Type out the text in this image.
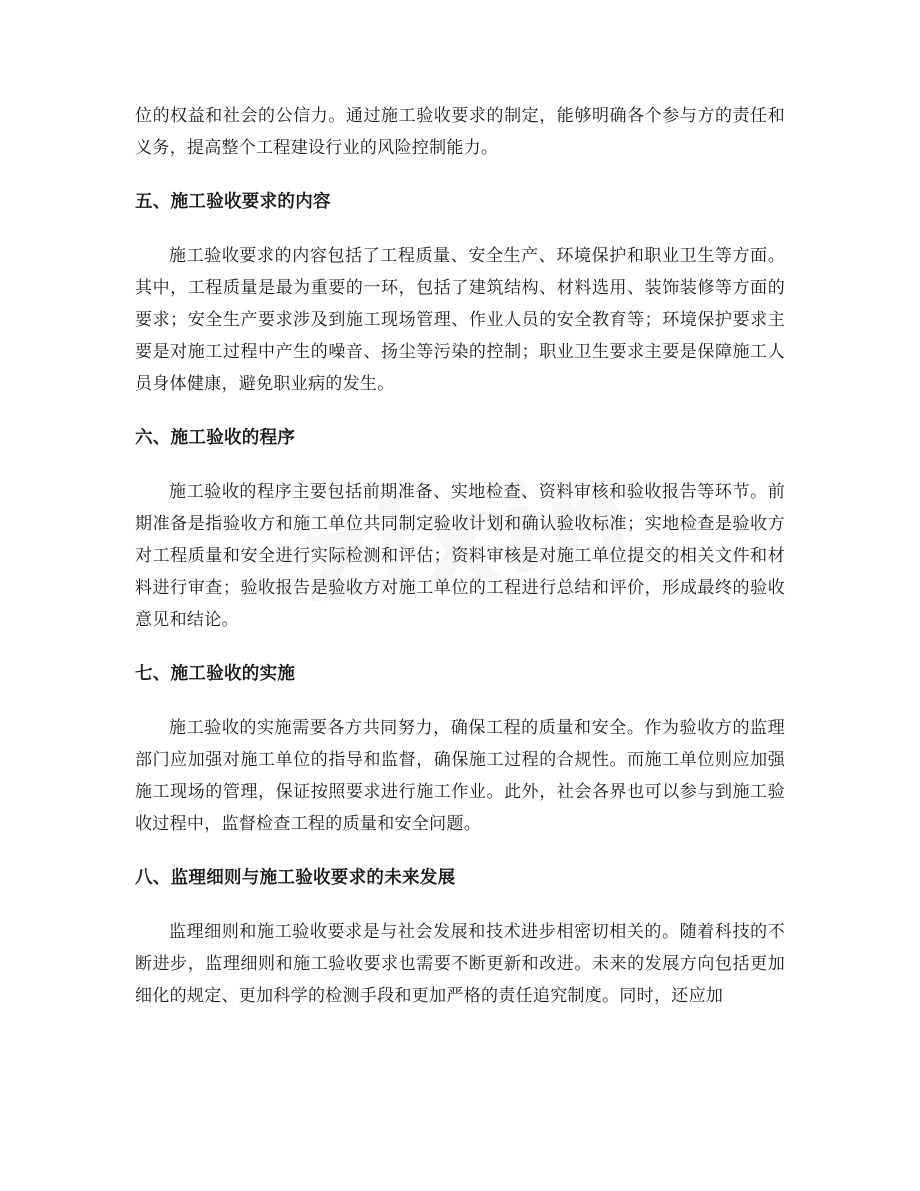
位的权益和社会的公信力。通过施工验收要求的制定，能够明确各个参与方的责任和义务，提高整个工程建设行业的风险控制能力。

五、施工验收要求的内容

施工验收要求的内容包括了工程质量、安全生产、环境保护和职业卫生等方面。其中，工程质量是最为重要的一环，包括了建筑结构、材料选用、装饰装修等方面的要求；安全生产要求涉及到施工现场管理、作业人员的安全教育等；环境保护要求主要是对施工过程中产生的噪音、扬尘等污染的控制；职业卫生要求主要是保障施工人员身体健康，避免职业病的发生。

六、施工验收的程序

施工验收的程序主要包括前期准备、实地检查、资料审核和验收报告等环节。前期准备是指验收方和施工单位共同制定验收计划和确认验收标准；实地检查是验收方对工程质量和安全进行实际检测和评估；资料审核是对施工单位提交的相关文件和材料进行审查；验收报告是验收方对施工单位的工程进行总结和评价，形成最终的验收意见和结论。

七、施工验收的实施

施工验收的实施需要各方共同努力，确保工程的质量和安全。作为验收方的监理部门应加强对施工单位的指导和监督，确保施工过程的合规性。而施工单位则应加强施工现场的管理，保证按照要求进行施工作业。此外，社会各界也可以参与到施工验收过程中，监督检查工程的质量和安全问题。

八、监理细则与施工验收要求的未来发展

监理细则和施工验收要求是与社会发展和技术进步相密切相关的。随着科技的不断进步，监理细则和施工验收要求也需要不断更新和改进。未来的发展方向包括更加细化的规定、更加科学的检测手段和更加严格的责任追究制度。同时，还应加
